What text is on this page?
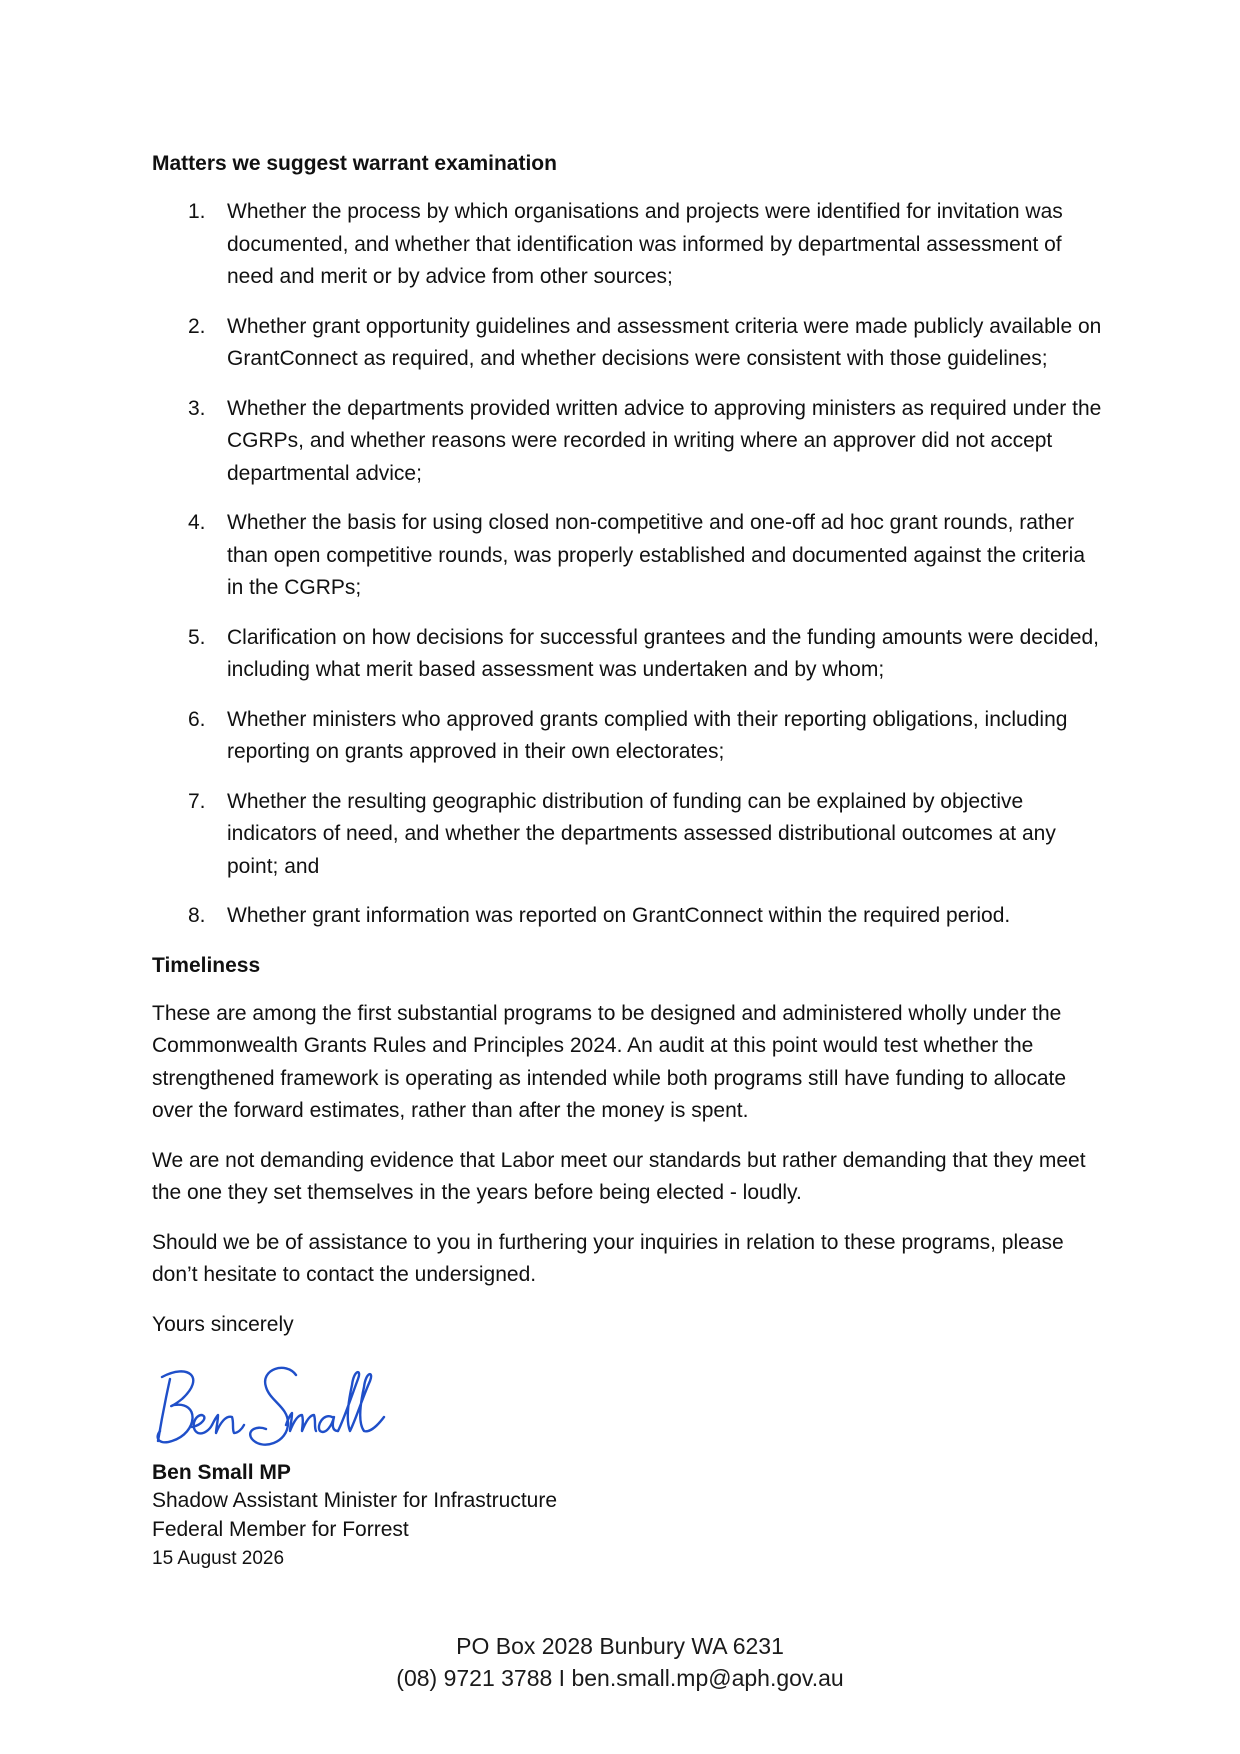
Matters we suggest warrant examination
1. Whether the process by which organisations and projects were identified for invitation was documented, and whether that identification was informed by departmental assessment of need and merit or by advice from other sources;
2. Whether grant opportunity guidelines and assessment criteria were made publicly available on GrantConnect as required, and whether decisions were consistent with those guidelines;
3. Whether the departments provided written advice to approving ministers as required under the CGRPs, and whether reasons were recorded in writing where an approver did not accept departmental advice;
4. Whether the basis for using closed non-competitive and one-off ad hoc grant rounds, rather than open competitive rounds, was properly established and documented against the criteria in the CGRPs;
5. Clarification on how decisions for successful grantees and the funding amounts were decided, including what merit based assessment was undertaken and by whom;
6. Whether ministers who approved grants complied with their reporting obligations, including reporting on grants approved in their own electorates;
7. Whether the resulting geographic distribution of funding can be explained by objective indicators of need, and whether the departments assessed distributional outcomes at any point; and
8. Whether grant information was reported on GrantConnect within the required period.
Timeliness

These are among the first substantial programs to be designed and administered wholly under the Commonwealth Grants Rules and Principles 2024. An audit at this point would test whether the strengthened framework is operating as intended while both programs still have funding to allocate over the forward estimates, rather than after the money is spent.

We are not demanding evidence that Labor meet our standards but rather demanding that they meet the one they set themselves in the years before being elected - loudly.

Should we be of assistance to you in furthering your inquiries in relation to these programs, please don’t hesitate to contact the undersigned.

Yours sincerely

Ben Small MP
Shadow Assistant Minister for Infrastructure
Federal Member for Forrest
15 August 2026
PO Box 2028 Bunbury WA 6231
(08) 9721 3788 I ben.small.mp@aph.gov.au
